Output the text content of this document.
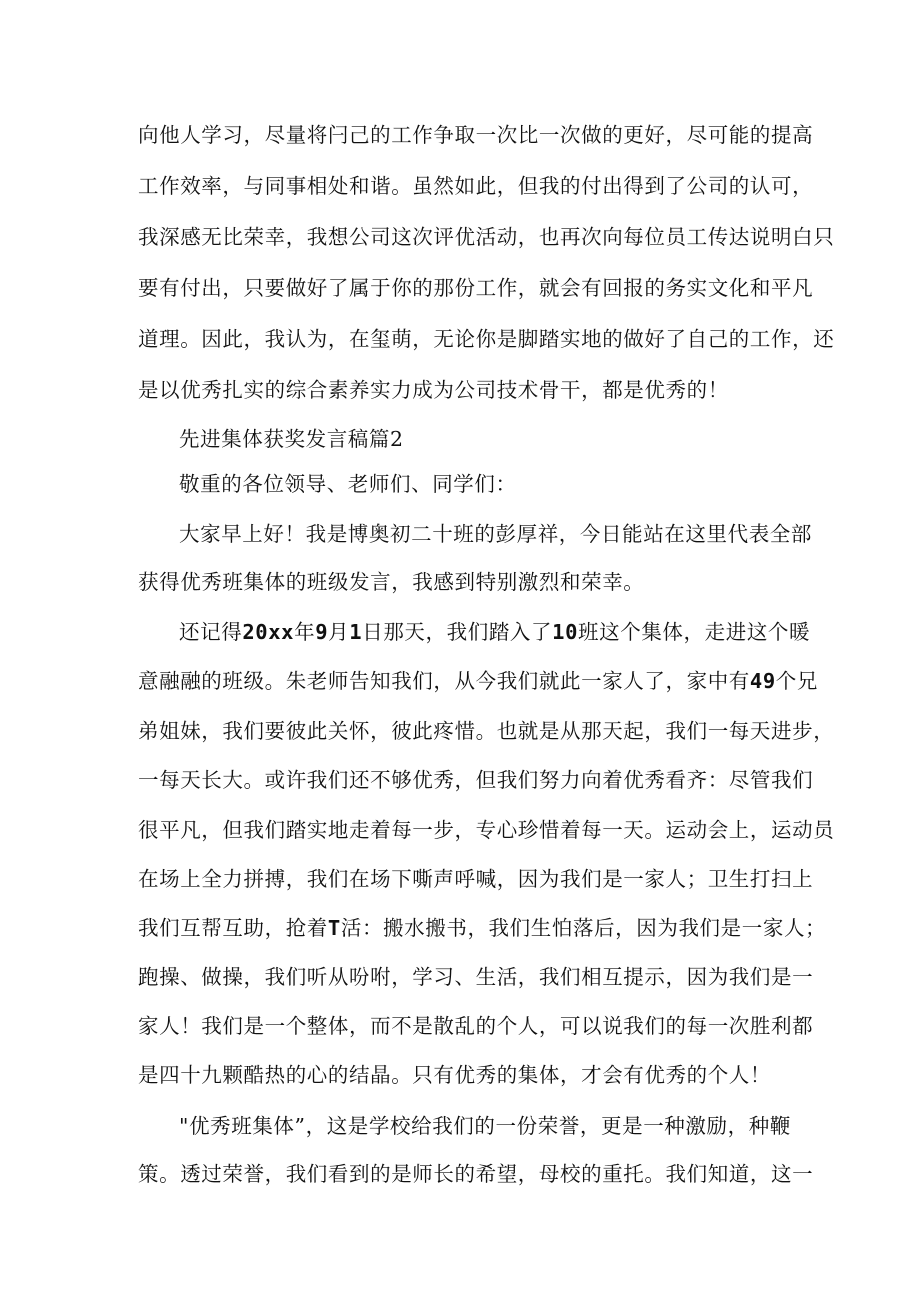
向他人学习，尽量将闩己的工作争取一次比一次做的更好，尽可能的提高
工作效率，与同事相处和谐。虽然如此，但我的付出得到了公司的认可，
我深感无比荣幸，我想公司这次评优活动，也再次向每位员工传达说明白只
要有付出，只要做好了属于你的那份工作，就会有回报的务实文化和平凡
道理。因此，我认为，在玺萌，无论你是脚踏实地的做好了自己的工作，还
是以优秀扎实的综合素养实力成为公司技术骨干，都是优秀的！
先进集体获奖发言稿篇2
敬重的各位领导、老师们、同学们：
大家早上好！我是博奥初二十班的彭厚祥，今日能站在这里代表全部
获得优秀班集体的班级发言，我感到特别激烈和荣幸。
还记得20xx年9月1日那天，我们踏入了10班这个集体，走进这个暖
意融融的班级。朱老师告知我们，从今我们就此一家人了，家中有49个兄
弟姐妹，我们要彼此关怀，彼此疼惜。也就是从那天起，我们一每天进步，
一每天长大。或许我们还不够优秀，但我们努力向着优秀看齐：尽管我们
很平凡，但我们踏实地走着每一步，专心珍惜着每一天。运动会上，运动员
在场上全力拼搏，我们在场下嘶声呼喊，因为我们是一家人；卫生打扫上
我们互帮互助，抢着T活：搬水搬书，我们生怕落后，因为我们是一家人；
跑操、做操，我们听从吩咐，学习、生活，我们相互提示，因为我们是一
家人！我们是一个整体，而不是散乱的个人，可以说我们的每一次胜利都
是四十九颗酷热的心的结晶。只有优秀的集体，才会有优秀的个人！
"优秀班集体”，这是学校给我们的一份荣誉，更是一种激励，种鞭
策。透过荣誉，我们看到的是师长的希望，母校的重托。我们知道，这一
